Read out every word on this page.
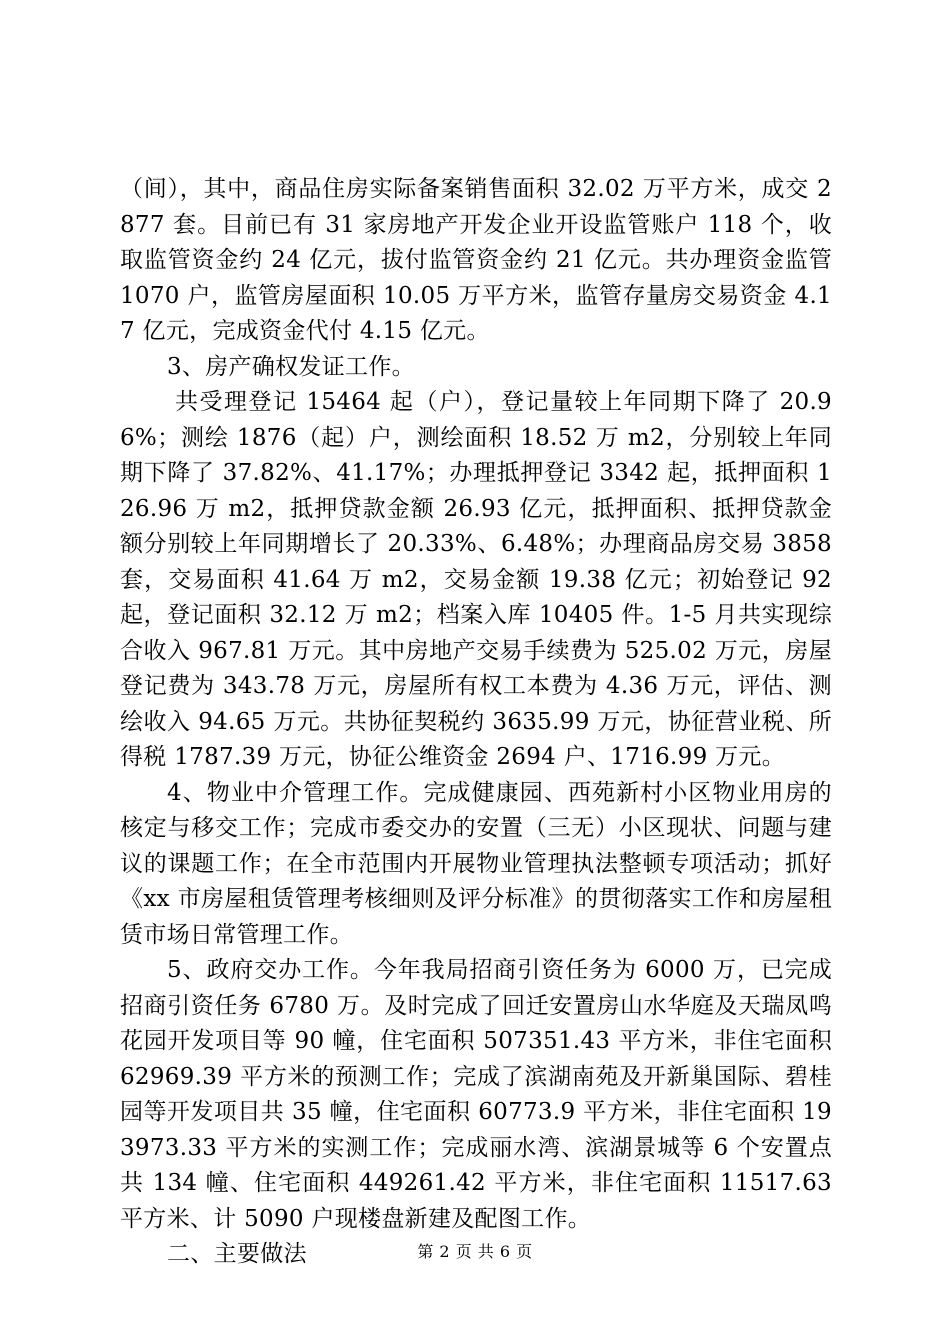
（间），其中，商品住房实际备案销售面积 32.02 万平方米，成交 2877 套。目前已有 31 家房地产开发企业开设监管账户 118 个，收取监管资金约 24 亿元，拔付监管资金约 21 亿元。共办理资金监管 1070 户，监管房屋面积 10.05 万平方米，监管存量房交易资金 4.17 亿元，完成资金代付 4.15 亿元。

3、房产确权发证工作。

共受理登记 15464 起（户），登记量较上年同期下降了 20.96%；测绘 1876（起）户，测绘面积 18.52 万 m2，分别较上年同期下降了 37.82%、41.17%；办理抵押登记 3342 起，抵押面积 126.96 万 m2，抵押贷款金额 26.93 亿元，抵押面积、抵押贷款金额分别较上年同期增长了 20.33%、6.48%；办理商品房交易 3858 套，交易面积 41.64 万 m2，交易金额 19.38 亿元；初始登记 92 起，登记面积 32.12 万 m2；档案入库 10405 件。1-5 月共实现综合收入 967.81 万元。其中房地产交易手续费为 525.02 万元，房屋登记费为 343.78 万元，房屋所有权工本费为 4.36 万元，评估、测绘收入 94.65 万元。共协征契税约 3635.99 万元，协征营业税、所得税 1787.39 万元，协征公维资金 2694 户、1716.99 万元。

4、物业中介管理工作。完成健康园、西苑新村小区物业用房的核定与移交工作；完成市委交办的安置（三无）小区现状、问题与建议的课题工作；在全市范围内开展物业管理执法整顿专项活动；抓好《xx 市房屋租赁管理考核细则及评分标准》的贯彻落实工作和房屋租赁市场日常管理工作。

5、政府交办工作。今年我局招商引资任务为 6000 万，已完成招商引资任务 6780 万。及时完成了回迁安置房山水华庭及天瑞凤鸣花园开发项目等 90 幢，住宅面积 507351.43 平方米，非住宅面积 62969.39 平方米的预测工作；完成了滨湖南苑及开新巢国际、碧桂园等开发项目共 35 幢，住宅面积 60773.9 平方米，非住宅面积 193973.33 平方米的实测工作；完成丽水湾、滨湖景城等 6 个安置点共 134 幢、住宅面积 449261.42 平方米，非住宅面积 11517.63 平方米、计 5090 户现楼盘新建及配图工作。

二、主要做法	第 2 页 共 6 页
